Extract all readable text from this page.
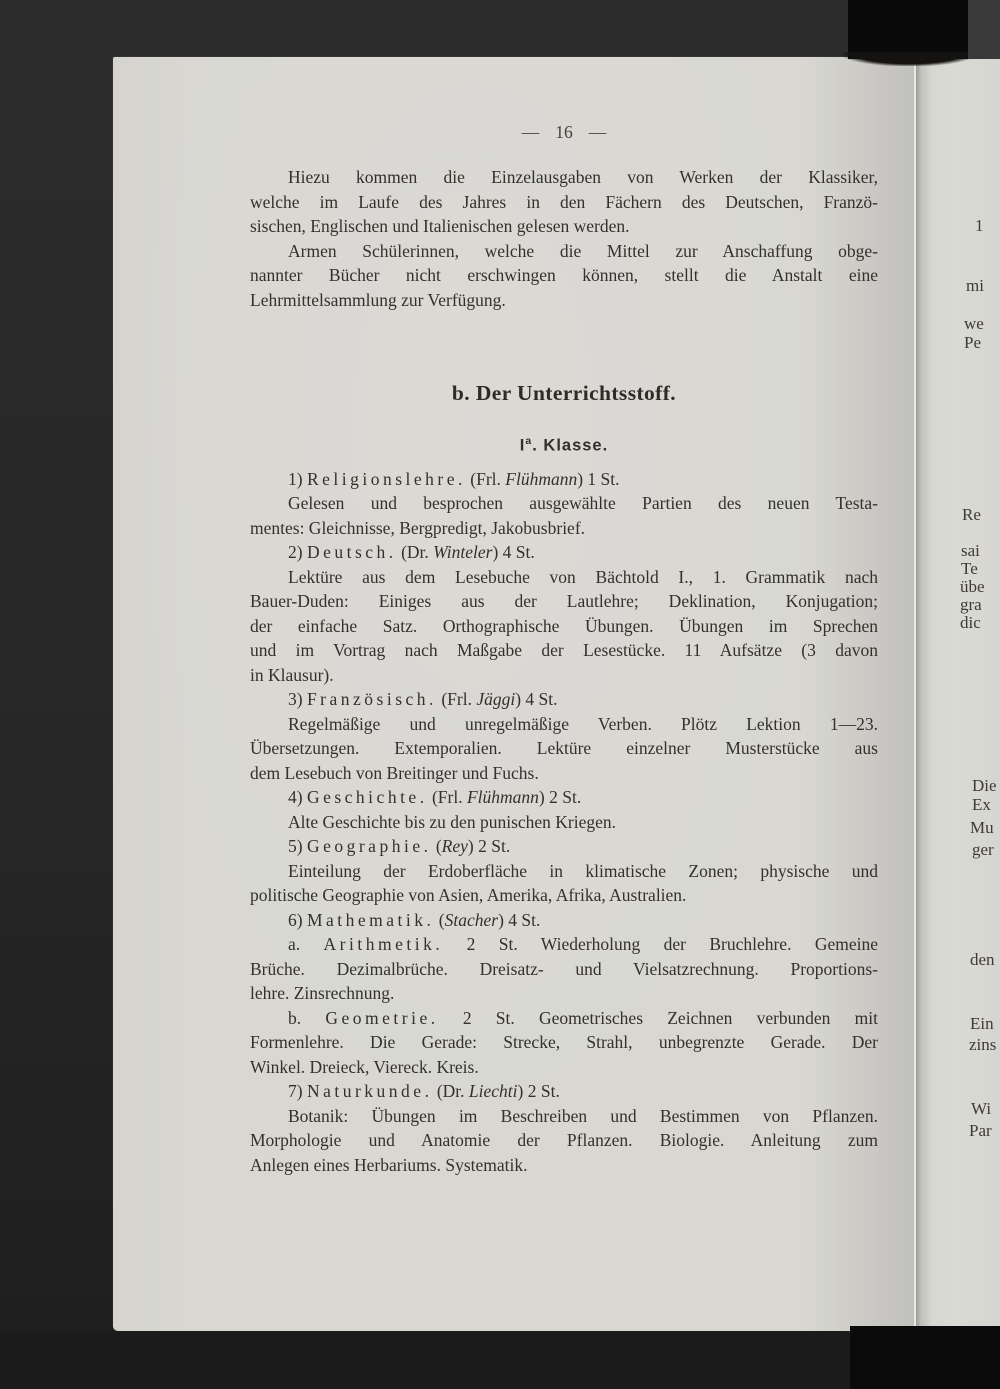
— 16 —
Hiezu kommen die Einzelausgaben von Werken der Klassiker,
welche im Laufe des Jahres in den Fächern des Deutschen, Franzö-
sischen, Englischen und Italienischen gelesen werden.
Armen Schülerinnen, welche die Mittel zur Anschaffung obge-
nannter Bücher nicht erschwingen können, stellt die Anstalt eine
Lehrmittelsammlung zur Verfügung.
b. Der Unterrichtsstoff.
$I^a$. Klasse.
1) Religionslehre. (Frl. Flühmann) 1 St.
Gelesen und besprochen ausgewählte Partien des neuen Testa-
mentes: Gleichnisse, Bergpredigt, Jakobusbrief.
2) Deutsch. (Dr. Winteler) 4 St.
Lektüre aus dem Lesebuche von Bächtold I., 1. Grammatik nach
Bauer-Duden: Einiges aus der Lautlehre; Deklination, Konjugation;
der einfache Satz. Orthographische Übungen. Übungen im Sprechen
und im Vortrag nach Maßgabe der Lesestücke. 11 Aufsätze (3 davon
in Klausur).
3) Französisch. (Frl. Jäggi) 4 St.
Regelmäßige und unregelmäßige Verben. Plötz Lektion 1—23.
Übersetzungen. Extemporalien. Lektüre einzelner Musterstücke aus
dem Lesebuch von Breitinger und Fuchs.
4) Geschichte. (Frl. Flühmann) 2 St.
Alte Geschichte bis zu den punischen Kriegen.
5) Geographie. (Rey) 2 St.
Einteilung der Erdoberfläche in klimatische Zonen; physische und
politische Geographie von Asien, Amerika, Afrika, Australien.
6) Mathematik. (Stacher) 4 St.
a. Arithmetik. 2 St. Wiederholung der Bruchlehre. Gemeine
Brüche. Dezimalbrüche. Dreisatz- und Vielsatzrechnung. Proportions-
lehre. Zinsrechnung.
b. Geometrie. 2 St. Geometrisches Zeichnen verbunden mit
Formenlehre. Die Gerade: Strecke, Strahl, unbegrenzte Gerade. Der
Winkel. Dreieck, Viereck. Kreis.
7) Naturkunde. (Dr. Liechti) 2 St.
Botanik: Übungen im Beschreiben und Bestimmen von Pflanzen.
Morphologie und Anatomie der Pflanzen. Biologie. Anleitung zum
Anlegen eines Herbariums. Systematik.
1
mi
we
Pe
Re
sai
Te
übe
gra
dic
Die
Ex
Mu
ger
den
Ein
zins
Wi
Par
